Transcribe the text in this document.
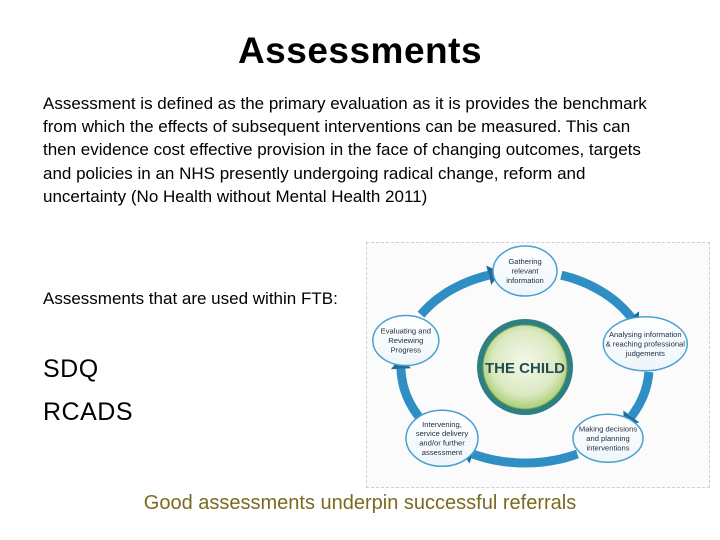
Assessments
Assessment is defined as the primary evaluation as it is provides the benchmark from which the effects of subsequent interventions can be measured. This can then evidence cost effective provision in the face of changing outcomes, targets and policies in an NHS presently undergoing radical change, reform and uncertainty (No Health without Mental Health 2011)
Assessments that are used within FTB:
SDQ
RCADS
THE CHILD
Gathering
relevant
information
Analysing information
& reaching professional
judgements
Making decisions
and planning
interventions
Intervening,
service delivery
and/or further
assessment
Evaluating and
Reviewing
Progress
Good assessments underpin successful referrals
